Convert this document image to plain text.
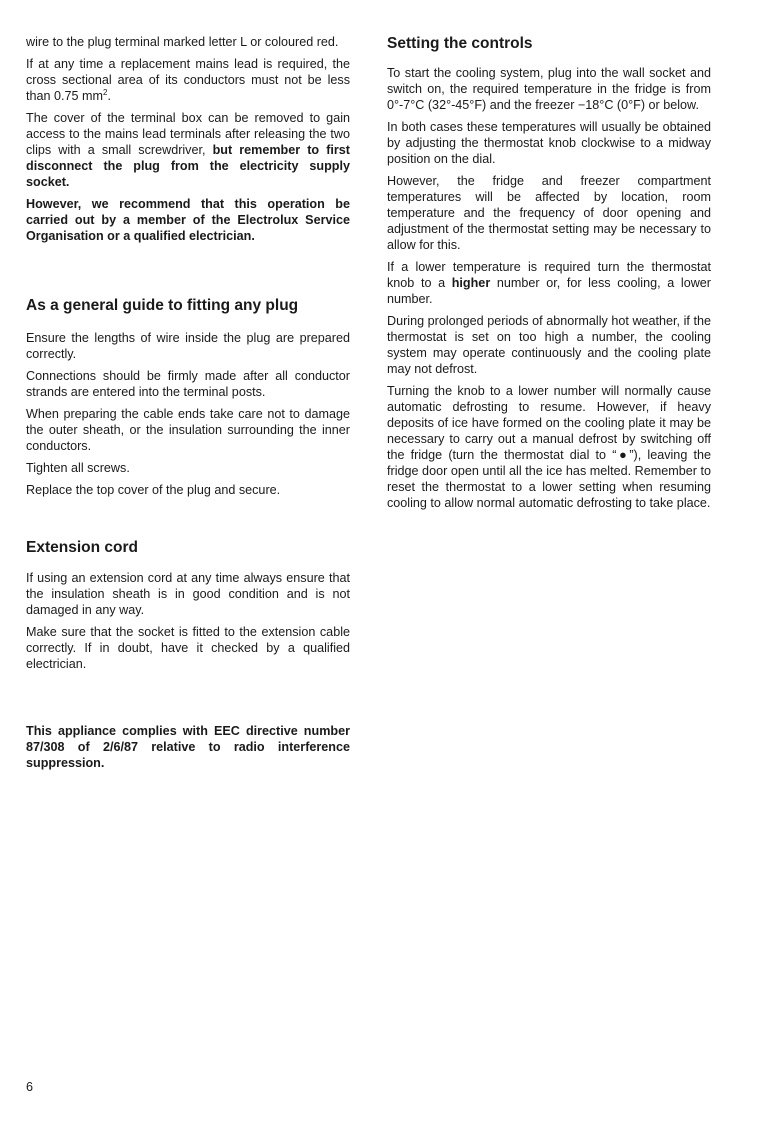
wire to the plug terminal marked letter L or coloured red.

If at any time a replacement mains lead is required, the cross sectional area of its conductors must not be less than 0.75 $mm^2$.

The cover of the terminal box can be removed to gain access to the mains lead terminals after releasing the two clips with a small screwdriver, but remember to first disconnect the plug from the electricity supply socket.

However, we recommend that this operation be carried out by a member of the Electrolux Service Organisation or a qualified electrician.

As a general guide to fitting any plug

Ensure the lengths of wire inside the plug are prepared correctly.

Connections should be firmly made after all conductor strands are entered into the terminal posts.

When preparing the cable ends take care not to damage the outer sheath, or the insulation surrounding the inner conductors.

Tighten all screws.

Replace the top cover of the plug and secure.

Extension cord

If using an extension cord at any time always ensure that the insulation sheath is in good condition and is not damaged in any way.

Make sure that the socket is fitted to the extension cable correctly. If in doubt, have it checked by a qualified electrician.

This appliance complies with EEC directive number 87/308 of 2/6/87 relative to radio interference suppression.

Setting the controls

To start the cooling system, plug into the wall socket and switch on, the required temperature in the fridge is from 0°-7°C (32°-45°F) and the freezer −18°C (0°F) or below.

In both cases these temperatures will usually be obtained by adjusting the thermostat knob clockwise to a midway position on the dial.

However, the fridge and freezer compartment temperatures will be affected by location, room temperature and the frequency of door opening and adjustment of the thermostat setting may be necessary to allow for this.

If a lower temperature is required turn the thermostat knob to a higher number or, for less cooling, a lower number.

During prolonged periods of abnormally hot weather, if the thermostat is set on too high a number, the cooling system may operate continuously and the cooling plate may not defrost.

Turning the knob to a lower number will normally cause automatic defrosting to resume. However, if heavy deposits of ice have formed on the cooling plate it may be necessary to carry out a manual defrost by switching off the fridge (turn the thermostat dial to “●”), leaving the fridge door open until all the ice has melted. Remember to reset the thermostat to a lower setting when resuming cooling to allow normal automatic defrosting to take place.

6
